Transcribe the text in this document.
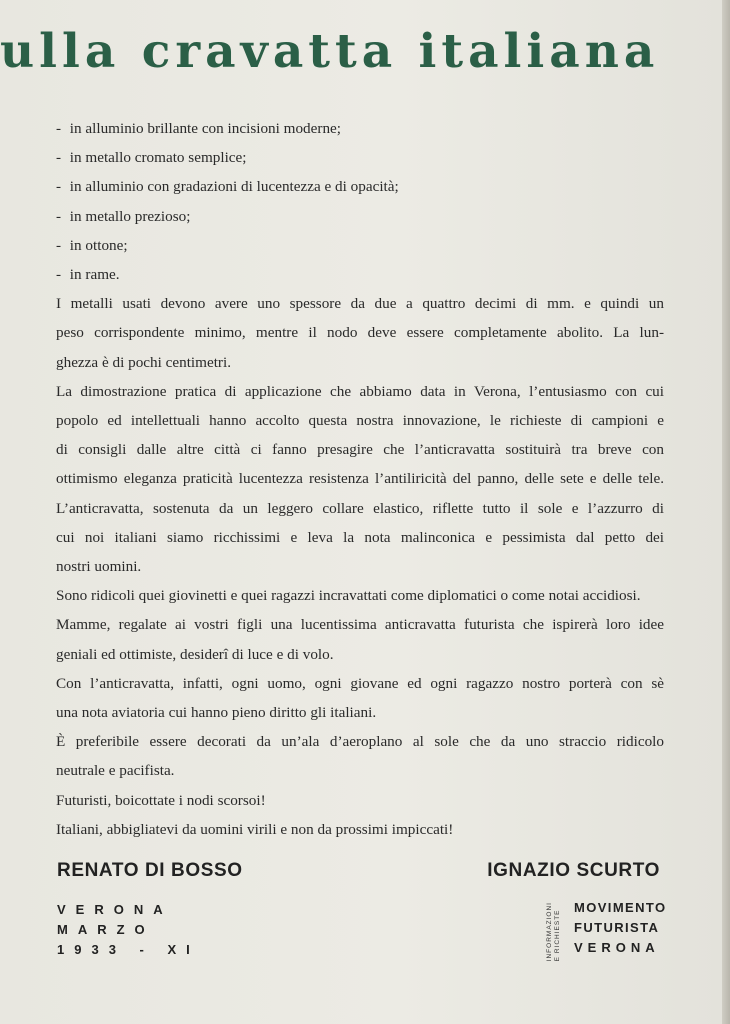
ulla cravatta italiana

- in alluminio brillante con incisioni moderne;

- in metallo cromato semplice;

- in alluminio con gradazioni di lucentezza e di opacità;

- in metallo prezioso;

- in ottone;

- in rame.

I metalli usati devono avere uno spessore da due a quattro decimi di mm. e quindi un

peso corrispondente minimo, mentre il nodo deve essere completamente abolito. La lun-

ghezza è di pochi centimetri.

La dimostrazione pratica di applicazione che abbiamo data in Verona, l’entusiasmo con cui

popolo ed intellettuali hanno accolto questa nostra innovazione, le richieste di campioni e

di consigli dalle altre città ci fanno presagire che l’anticravatta sostituirà tra breve con

ottimismo eleganza praticità lucentezza resistenza l’antiliricità del panno, delle sete e delle tele.

L’anticravatta, sostenuta da un leggero collare elastico, riflette tutto il sole e l’azzurro di

cui noi italiani siamo ricchissimi e leva la nota malinconica e pessimista dal petto dei

nostri uomini.

Sono ridicoli quei giovinetti e quei ragazzi incravattati come diplomatici o come notai accidiosi.

Mamme, regalate ai vostri figli una lucentissima anticravatta futurista che ispirerà loro idee

geniali ed ottimiste, desiderî di luce e di volo.

Con l’anticravatta, infatti, ogni uomo, ogni giovane ed ogni ragazzo nostro porterà con sè

una nota aviatoria cui hanno pieno diritto gli italiani.

È preferibile essere decorati da un’ala d’aeroplano al sole che da uno straccio ridicolo

neutrale e pacifista.

Futuristi, boicottate i nodi scorsoi!

Italiani, abbigliatevi da uomini virili e non da prossimi impiccati!

RENATO DI BOSSO	IGNAZIO SCURTO
VERONA
MARZO
1933 - XI	INFORMAZIONI
E RICHIESTE
MOVIMENTO
FUTURISTA
VERONA
